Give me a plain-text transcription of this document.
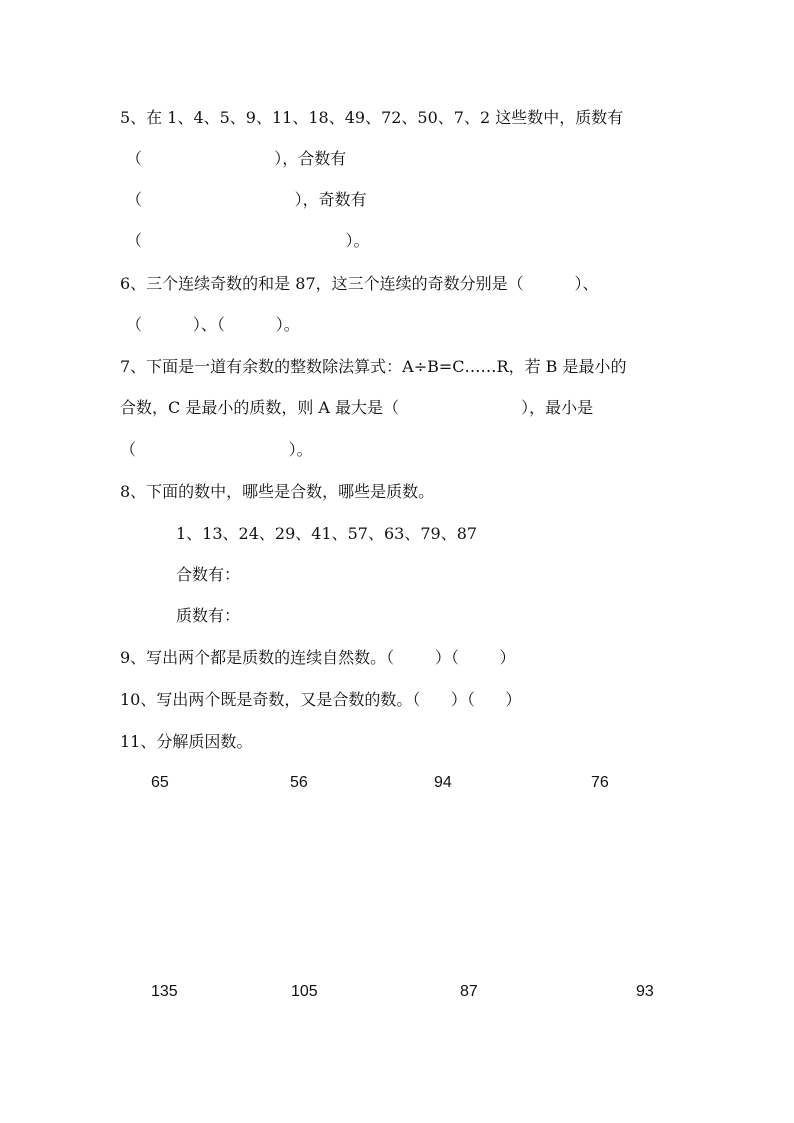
5、在 1、4、5、9、11、18、49、72、50、7、2 这些数中，质数有

（                          ），合数有

（                              ），奇数有

（                                        ）。

6、三个连续奇数的和是 87，这三个连续的奇数分别是（          ）、

（          ）、（          ）。

7、下面是一道有余数的整数除法算式：A÷B=C……R，若 B 是最小的

合数，C 是最小的质数，则 A 最大是（                        ），最小是

（                              ）。

8、下面的数中，哪些是合数，哪些是质数。

1、13、24、29、41、57、63、79、87

合数有：

质数有：

9、写出两个都是质数的连续自然数。（        ）（        ）

10、写出两个既是奇数，又是合数的数。（      ）（      ）

11、分解质因数。

65	56	94	76
135	105	87	93
